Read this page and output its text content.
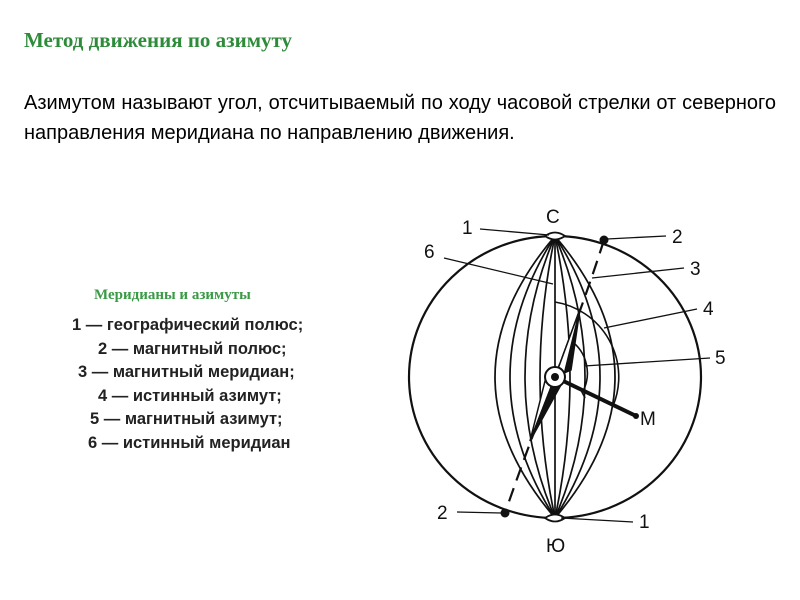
Метод движения по азимуту
Азимутом называют угол, отсчитываемый по ходу часовой стрелки от северного направления меридиана по направлению движения.
Меридианы и азимуты
1 — географический полюс;
2 — магнитный полюс;
3 — магнитный меридиан;
4 — истинный азимут;
5 — магнитный азимут;
6 — истинный меридиан
С
Ю
М
1	2
3
4
5
6
2	1
